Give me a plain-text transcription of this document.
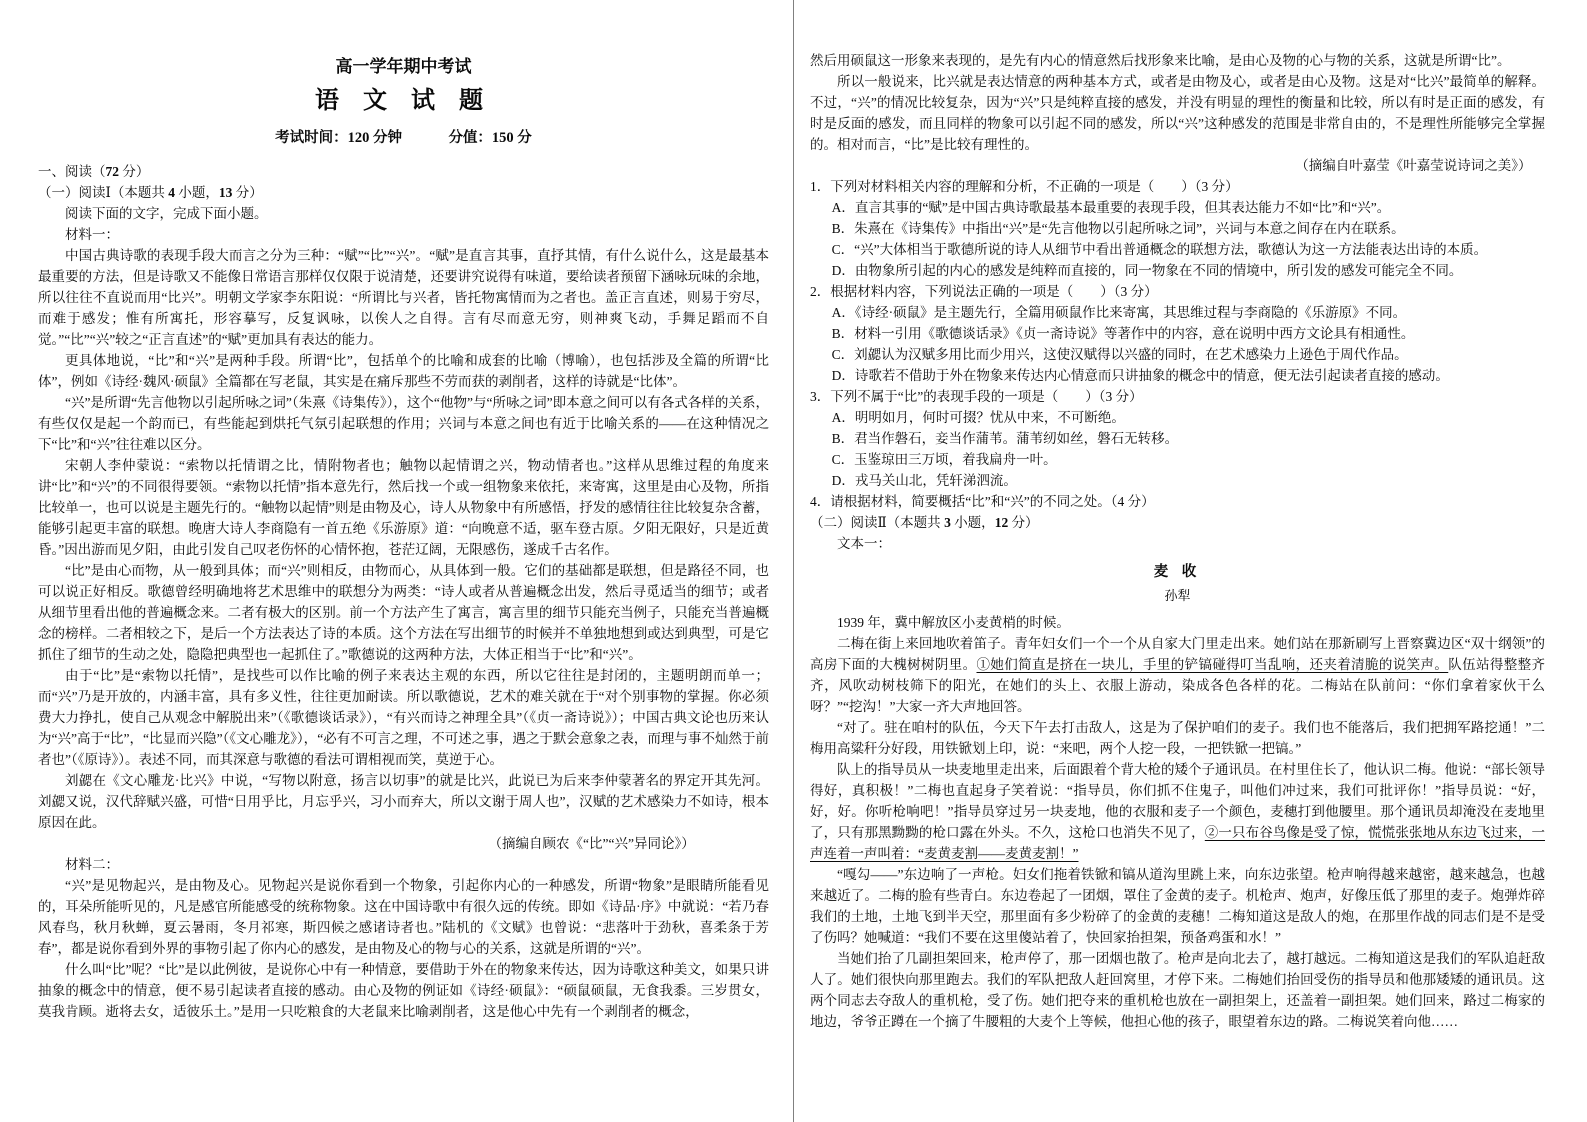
高一学年期中考试
语 文 试 题
考试时间：120 分钟	分值：150 分
一、阅读（72 分）
（一）阅读Ⅰ（本题共 4 小题，13 分）
阅读下面的文字，完成下面小题。
材料一：
中国古典诗歌的表现手段大而言之分为三种：“赋”“比”“兴”。“赋”是直言其事，直抒其情，有什么说什么，这是最基本最重要的方法，但是诗歌又不能像日常语言那样仅仅限于说清楚，还要讲究说得有味道，要给读者预留下涵咏玩味的余地，所以往往不直说而用“比兴”。明朝文学家李东阳说：“所谓比与兴者，皆托物寓情而为之者也。盖正言直述，则易于穷尽，而难于感发；惟有所寓托，形容摹写，反复讽咏，以俟人之自得。言有尽而意无穷，则神爽飞动，手舞足蹈而不自觉。”“比”“兴”较之“正言直述”的“赋”更加具有表达的能力。
更具体地说，“比”和“兴”是两种手段。所谓“比”，包括单个的比喻和成套的比喻（博喻），也包括涉及全篇的所谓“比体”，例如《诗经·魏风·硕鼠》全篇都在写老鼠，其实是在痛斥那些不劳而获的剥削者，这样的诗就是“比体”。
“兴”是所谓“先言他物以引起所咏之词”（朱熹《诗集传》），这个“他物”与“所咏之词”即本意之间可以有各式各样的关系，有些仅仅是起一个韵而已，有些能起到烘托气氛引起联想的作用；兴词与本意之间也有近于比喻关系的——在这种情况之下“比”和“兴”往往难以区分。
宋朝人李仲蒙说：“索物以托情谓之比，情附物者也；触物以起情谓之兴，物动情者也。”这样从思维过程的角度来讲“比”和“兴”的不同很得要领。“索物以托情”指本意先行，然后找一个或一组物象来依托，来寄寓，这里是由心及物，所指比较单一，也可以说是主题先行的。“触物以起情”则是由物及心，诗人从物象中有所感悟，抒发的感情往往比较复杂含蓄，能够引起更丰富的联想。晚唐大诗人李商隐有一首五绝《乐游原》道：“向晚意不适，驱车登古原。夕阳无限好，只是近黄昏。”因出游而见夕阳，由此引发自己叹老伤怀的心情怀抱，苍茫辽阔，无限感伤，遂成千古名作。
“比”是由心而物，从一般到具体；而“兴”则相反，由物而心，从具体到一般。它们的基础都是联想，但是路径不同，也可以说正好相反。歌德曾经明确地将艺术思维中的联想分为两类：“诗人或者从普遍概念出发，然后寻觅适当的细节；或者从细节里看出他的普遍概念来。二者有极大的区别。前一个方法产生了寓言，寓言里的细节只能充当例子，只能充当普遍概念的榜样。二者相较之下，是后一个方法表达了诗的本质。这个方法在写出细节的时候并不单独地想到或达到典型，可是它抓住了细节的生动之处，隐隐把典型也一起抓住了。”歌德说的这两种方法，大体正相当于“比”和“兴”。
由于“比”是“索物以托情”，是找些可以作比喻的例子来表达主观的东西，所以它往往是封闭的，主题明朗而单一；而“兴”乃是开放的，内涵丰富，具有多义性，往往更加耐读。所以歌德说，艺术的难关就在于“对个别事物的掌握。你必须费大力挣扎，使自己从观念中解脱出来”（《歌德谈话录》），“有兴而诗之神理全具”（《贞一斋诗说》）；中国古典文论也历来认为“兴”高于“比”，“比显而兴隐”（《文心雕龙》），“必有不可言之理，不可述之事，遇之于默会意象之表，而理与事不灿然于前者也”（《原诗》）。表述不同，而其深意与歌德的看法可谓相视而笑，莫逆于心。
刘勰在《文心雕龙·比兴》中说，“写物以附意，扬言以切事”的就是比兴，此说已为后来李仲蒙著名的界定开其先河。刘勰又说，汉代辞赋兴盛，可惜“日用乎比，月忘乎兴，习小而弃大，所以文谢于周人也”，汉赋的艺术感染力不如诗，根本原因在此。
（摘编自顾农《“比”“兴”异同论》）
材料二：
“兴”是见物起兴，是由物及心。见物起兴是说你看到一个物象，引起你内心的一种感发，所谓“物象”是眼睛所能看见的，耳朵所能听见的，凡是感官所能感受的统称物象。这在中国诗歌中有很久远的传统。即如《诗品·序》中就说：“若乃春风春鸟，秋月秋蝉，夏云暑雨，冬月祁寒，斯四候之感诸诗者也。”陆机的《文赋》也曾说：“悲落叶于劲秋，喜柔条于芳春”，都是说你看到外界的事物引起了你内心的感发，是由物及心的物与心的关系，这就是所谓的“兴”。
什么叫“比”呢？“比”是以此例彼，是说你心中有一种情意，要借助于外在的物象来传达，因为诗歌这种美文，如果只讲抽象的概念中的情意，便不易引起读者直接的感动。由心及物的例证如《诗经·硕鼠》：“硕鼠硕鼠，无食我黍。三岁贯女，莫我肯顾。逝将去女，适彼乐土。”是用一只吃粮食的大老鼠来比喻剥削者，这是他心中先有一个剥削者的概念，
然后用硕鼠这一形象来表现的，是先有内心的情意然后找形象来比喻，是由心及物的心与物的关系，这就是所谓“比”。
所以一般说来，比兴就是表达情意的两种基本方式，或者是由物及心，或者是由心及物。这是对“比兴”最简单的解释。不过，“兴”的情况比较复杂，因为“兴”只是纯粹直接的感发，并没有明显的理性的衡量和比较，所以有时是正面的感发，有时是反面的感发，而且同样的物象可以引起不同的感发，所以“兴”这种感发的范围是非常自由的，不是理性所能够完全掌握的。相对而言，“比”是比较有理性的。
（摘编自叶嘉莹《叶嘉莹说诗词之美》）
1．下列对材料相关内容的理解和分析，不正确的一项是（　　）（3 分）
A．直言其事的“赋”是中国古典诗歌最基本最重要的表现手段，但其表达能力不如“比”和“兴”。
B．朱熹在《诗集传》中指出“兴”是“先言他物以引起所咏之词”，兴词与本意之间存在内在联系。
C．“兴”大体相当于歌德所说的诗人从细节中看出普通概念的联想方法，歌德认为这一方法能表达出诗的本质。
D．由物象所引起的内心的感发是纯粹而直接的，同一物象在不同的情境中，所引发的感发可能完全不同。
2．根据材料内容，下列说法正确的一项是（　　）（3 分）
A．《诗经·硕鼠》是主题先行，全篇用硕鼠作比来寄寓，其思维过程与李商隐的《乐游原》不同。
B．材料一引用《歌德谈话录》《贞一斋诗说》等著作中的内容，意在说明中西方文论具有相通性。
C．刘勰认为汉赋多用比而少用兴，这使汉赋得以兴盛的同时，在艺术感染力上逊色于周代作品。
D．诗歌若不借助于外在物象来传达内心情意而只讲抽象的概念中的情意，便无法引起读者直接的感动。
3．下列不属于“比”的表现手段的一项是（　　）（3 分）
A．明明如月，何时可掇？忧从中来，不可断绝。
B．君当作磐石，妾当作蒲苇。蒲苇纫如丝，磐石无转移。
C．玉鉴琼田三万顷，着我扁舟一叶。
D．戎马关山北，凭轩涕泗流。
4．请根据材料，简要概括“比”和“兴”的不同之处。（4 分）
（二）阅读Ⅱ（本题共 3 小题，12 分）
文本一：
麦 收
孙犁
1939 年，冀中解放区小麦黄梢的时候。
二梅在街上来回地吹着笛子。青年妇女们一个一个从自家大门里走出来。她们站在那新刷写上晋察冀边区“双十纲领”的高房下面的大槐树树阴里。①她们简直是挤在一块儿，手里的铲镐碰得叮当乱响，还夹着清脆的说笑声。队伍站得整整齐齐，风吹动树枝筛下的阳光，在她们的头上、衣服上游动，染成各色各样的花。二梅站在队前问：“你们拿着家伙干么呀？”“挖沟！”大家一齐大声地回答。
“对了。驻在咱村的队伍，今天下午去打击敌人，这是为了保护咱们的麦子。我们也不能落后，我们把拥军路挖通！”二梅用高粱秆分好段，用铁锨划上印，说：“来吧，两个人挖一段，一把铁锨一把镐。”
队上的指导员从一块麦地里走出来，后面跟着个背大枪的矮个子通讯员。在村里住长了，他认识二梅。他说：“部长领导得好，真积极！”二梅也直起身子笑着说：“指导员，你们抓不住鬼子，叫他们冲过来，我们可批评你！”指导员说：“好，好，好。你听枪响吧！”指导员穿过另一块麦地，他的衣服和麦子一个颜色，麦穗打到他腰里。那个通讯员却淹没在麦地里了，只有那黑黝黝的枪口露在外头。不久，这枪口也消失不见了，②一只布谷鸟像是受了惊，慌慌张张地从东边飞过来，一声连着一声叫着：“麦黄麦割——麦黄麦割！”
“嘎勾——”东边响了一声枪。妇女们拖着铁锨和镐从道沟里跳上来，向东边张望。枪声响得越来越密，越来越急，也越来越近了。二梅的脸有些青白。东边卷起了一团烟，罩住了金黄的麦子。机枪声、炮声，好像压低了那里的麦子。炮弹炸碎我们的土地，土地飞到半天空，那里面有多少粉碎了的金黄的麦穗！二梅知道这是敌人的炮，在那里作战的同志们是不是受了伤吗？她喊道：“我们不要在这里傻站着了，快回家抬担架，预备鸡蛋和水！”
当她们抬了几副担架回来，枪声停了，那一团烟也散了。枪声是向北去了，越打越远。二梅知道这是我们的军队追赶敌人了。她们很快向那里跑去。我们的军队把敌人赶回窝里，才停下来。二梅她们抬回受伤的指导员和他那矮矮的通讯员。这两个同志去夺敌人的重机枪，受了伤。她们把夺来的重机枪也放在一副担架上，还盖着一副担架。她们回来，路过二梅家的地边，爷爷正蹲在一个摘了牛腰粗的大麦个上等候，他担心他的孩子，眼望着东边的路。二梅说笑着向他……
